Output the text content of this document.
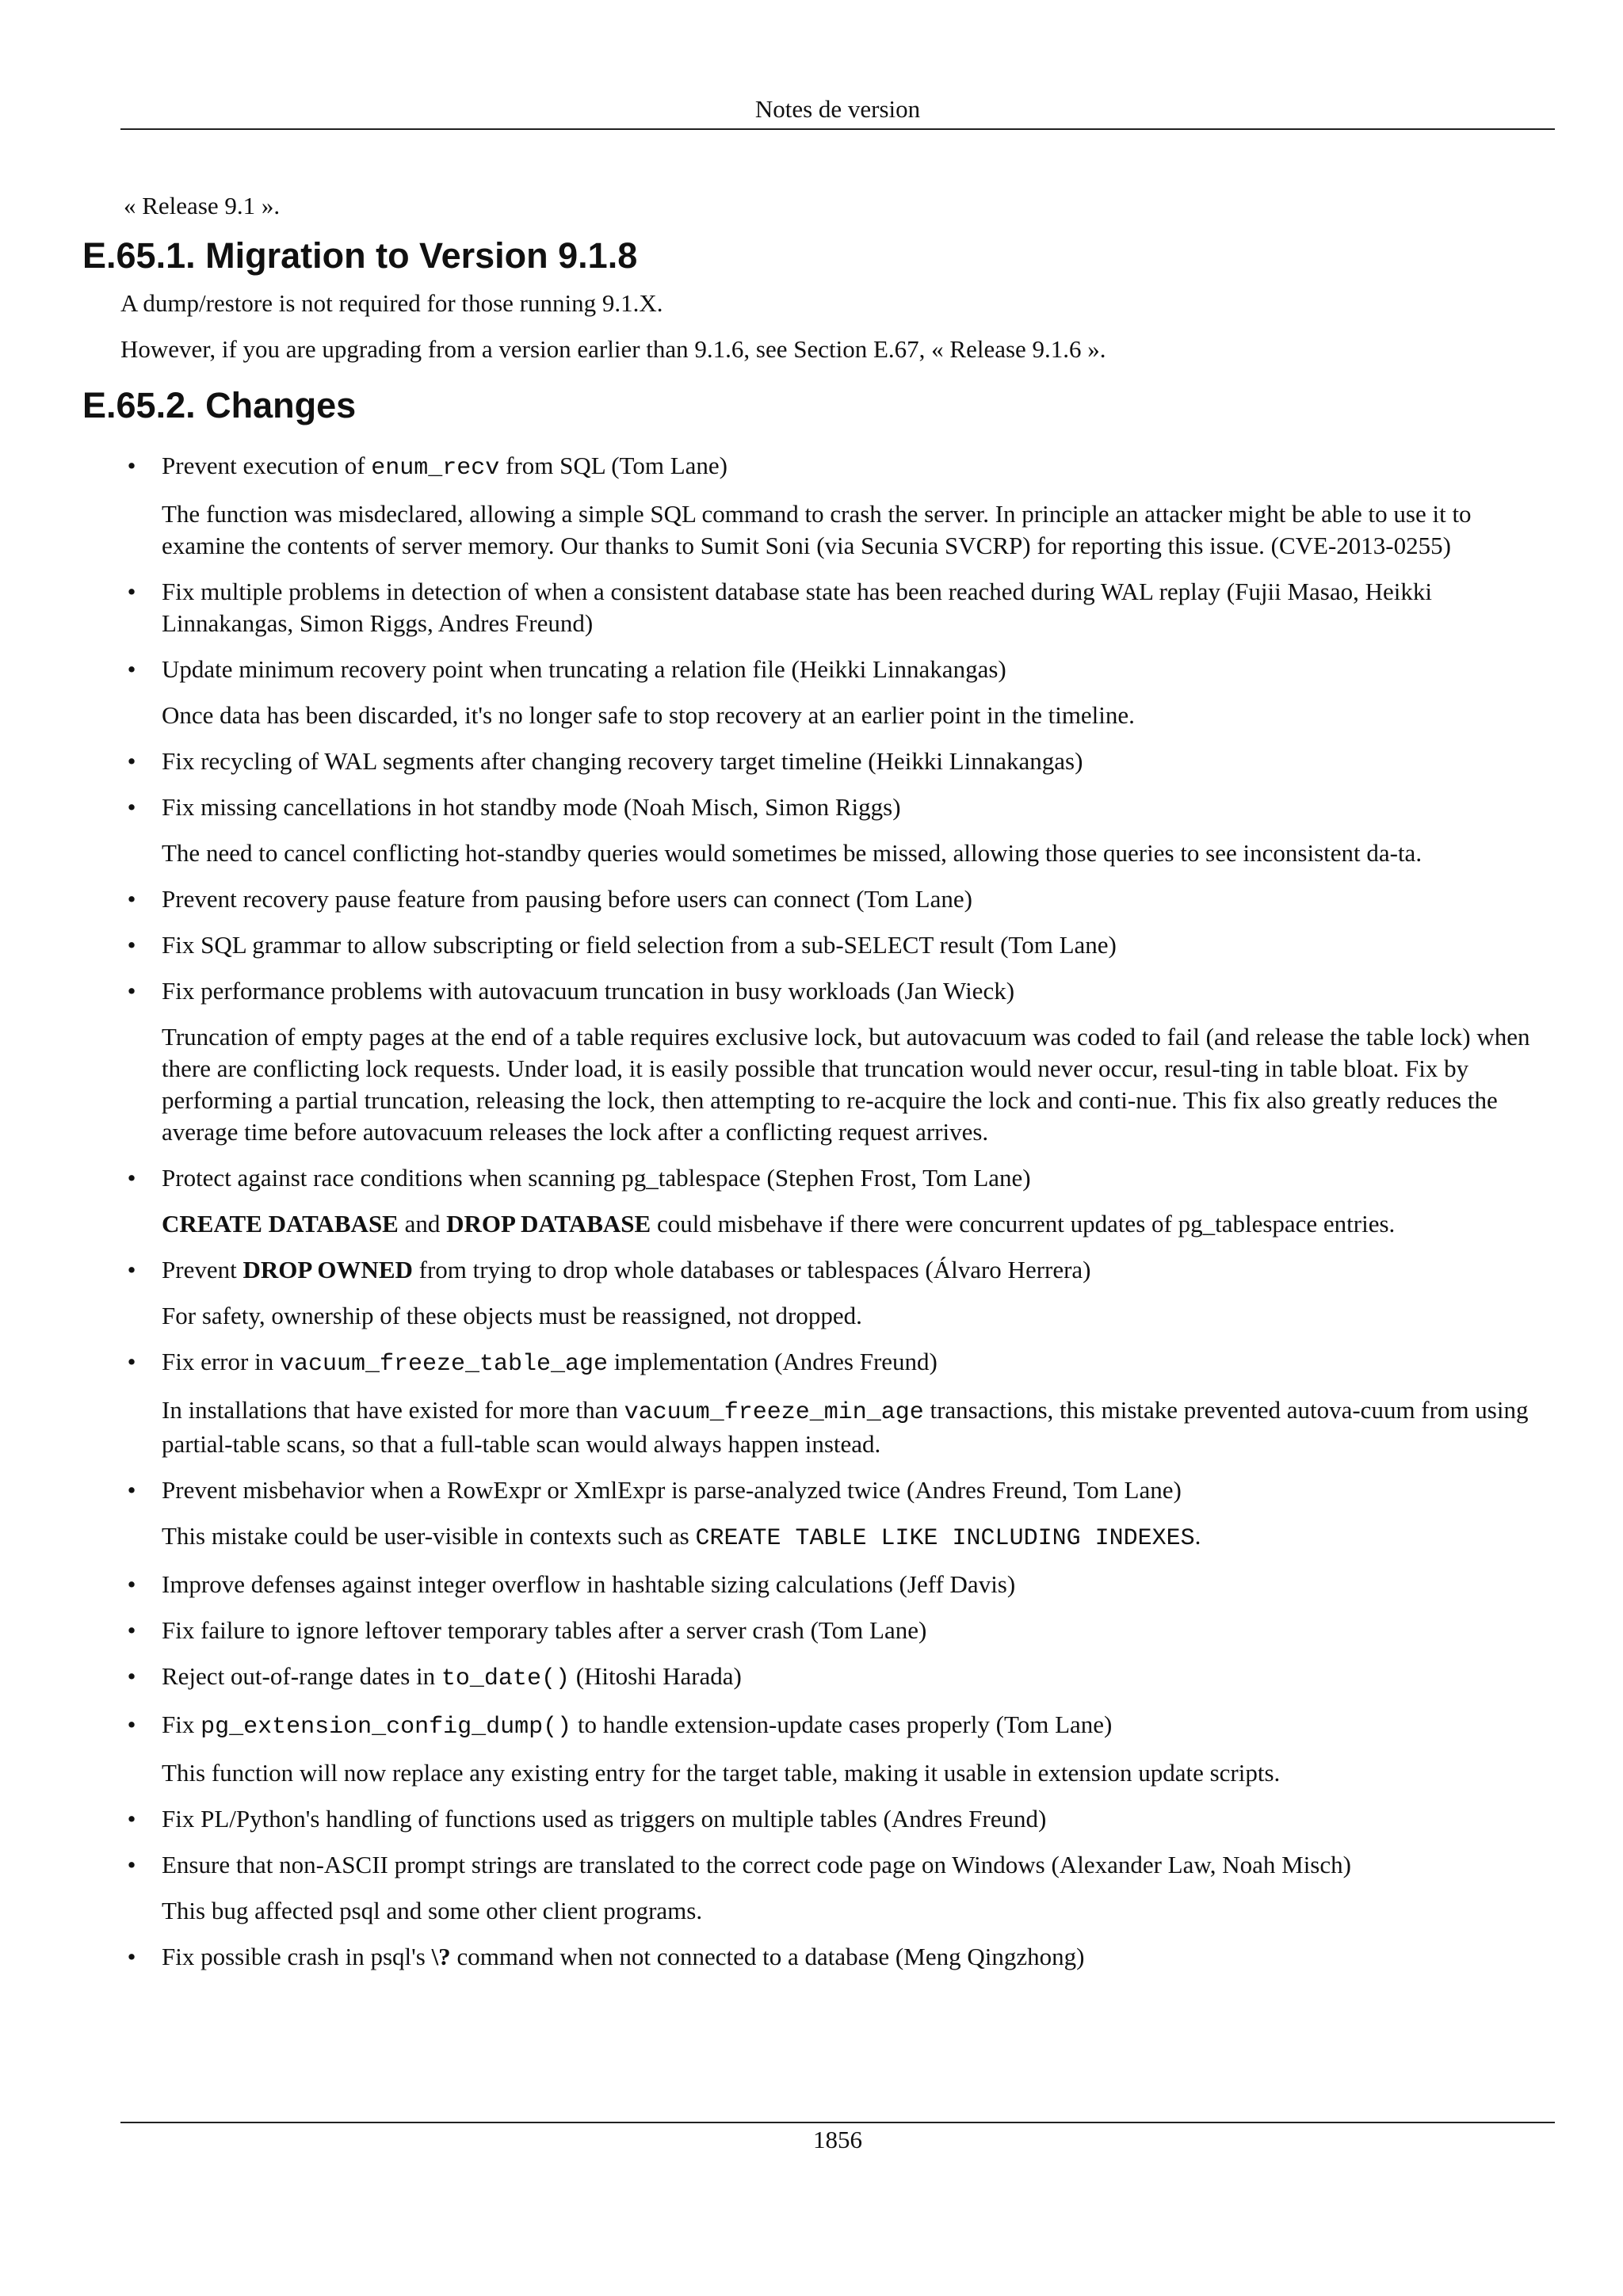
Notes de version

« Release 9.1 ».

E.65.1. Migration to Version 9.1.8

A dump/restore is not required for those running 9.1.X.

However, if you are upgrading from a version earlier than 9.1.6, see Section E.67, « Release 9.1.6 ».

E.65.2. Changes
• Prevent execution of enum_recv from SQL (Tom Lane)

The function was misdeclared, allowing a simple SQL command to crash the server. In principle an attacker might be able to use it to examine the contents of server memory. Our thanks to Sumit Soni (via Secunia SVCRP) for reporting this issue. (CVE-2013-0255)

• Fix multiple problems in detection of when a consistent database state has been reached during WAL replay (Fujii Masao, Heikki Linnakangas, Simon Riggs, Andres Freund)

• Update minimum recovery point when truncating a relation file (Heikki Linnakangas)

Once data has been discarded, it's no longer safe to stop recovery at an earlier point in the timeline.

• Fix recycling of WAL segments after changing recovery target timeline (Heikki Linnakangas)

• Fix missing cancellations in hot standby mode (Noah Misch, Simon Riggs)

The need to cancel conflicting hot-standby queries would sometimes be missed, allowing those queries to see inconsistent da-ta.

• Prevent recovery pause feature from pausing before users can connect (Tom Lane)

• Fix SQL grammar to allow subscripting or field selection from a sub-SELECT result (Tom Lane)

• Fix performance problems with autovacuum truncation in busy workloads (Jan Wieck)

Truncation of empty pages at the end of a table requires exclusive lock, but autovacuum was coded to fail (and release the table lock) when there are conflicting lock requests. Under load, it is easily possible that truncation would never occur, resul-ting in table bloat. Fix by performing a partial truncation, releasing the lock, then attempting to re-acquire the lock and conti-nue. This fix also greatly reduces the average time before autovacuum releases the lock after a conflicting request arrives.

• Protect against race conditions when scanning pg_tablespace (Stephen Frost, Tom Lane)

CREATE DATABASE and DROP DATABASE could misbehave if there were concurrent updates of pg_tablespace entries.

• Prevent DROP OWNED from trying to drop whole databases or tablespaces (Álvaro Herrera)

For safety, ownership of these objects must be reassigned, not dropped.

• Fix error in vacuum_freeze_table_age implementation (Andres Freund)

In installations that have existed for more than vacuum_freeze_min_age transactions, this mistake prevented autova-cuum from using partial-table scans, so that a full-table scan would always happen instead.

• Prevent misbehavior when a RowExpr or XmlExpr is parse-analyzed twice (Andres Freund, Tom Lane)

This mistake could be user-visible in contexts such as CREATE TABLE LIKE INCLUDING INDEXES.

• Improve defenses against integer overflow in hashtable sizing calculations (Jeff Davis)

• Fix failure to ignore leftover temporary tables after a server crash (Tom Lane)

• Reject out-of-range dates in to_date() (Hitoshi Harada)

• Fix pg_extension_config_dump() to handle extension-update cases properly (Tom Lane)

This function will now replace any existing entry for the target table, making it usable in extension update scripts.

• Fix PL/Python's handling of functions used as triggers on multiple tables (Andres Freund)

• Ensure that non-ASCII prompt strings are translated to the correct code page on Windows (Alexander Law, Noah Misch)

This bug affected psql and some other client programs.

• Fix possible crash in psql's \? command when not connected to a database (Meng Qingzhong)

1856
